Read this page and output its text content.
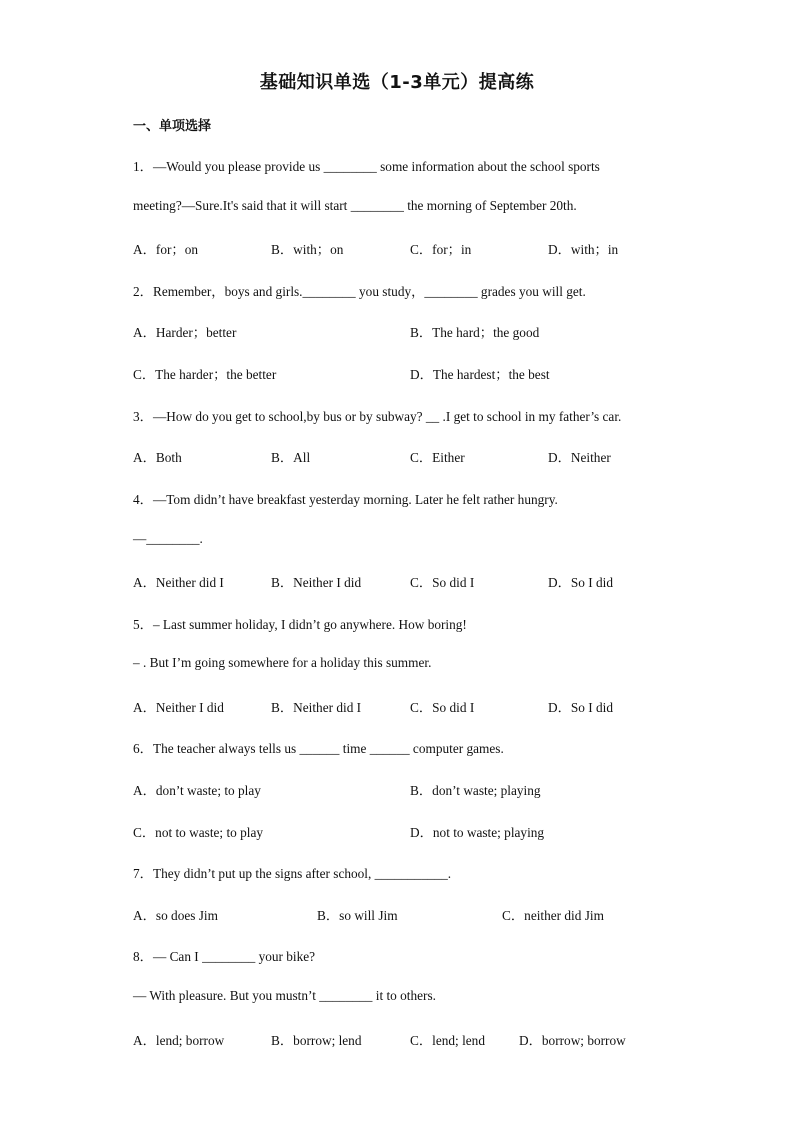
基础知识单选（1-3单元）提高练
一、单项选择
1．—Would you please provide us ________ some information about the school sports
meeting?—Sure.It's said that it will start ________ the morning of September 20th.
A．for；on	B．with；on	C．for；in	D．with；in
2．Remember，boys and girls.________ you study，________ grades you will get.
A．Harder；better	B．The hard；the good
C．The harder；the better	D．The hardest；the best
3．—How do you get to school,by bus or by subway? __ .I get to school in my father’s car.
A．Both	B．All	C．Either	D．Neither
4．—Tom didn’t have breakfast yesterday morning. Later he felt rather hungry.
—________.
A．Neither did I	B．Neither I did	C．So did I	D．So I did
5．– Last summer holiday, I didn’t go anywhere. How boring!
– . But I’m going somewhere for a holiday this summer.
A．Neither I did	B．Neither did I	C．So did I	D．So I did
6．The teacher always tells us ______ time ______ computer games.
A．don’t waste; to play	B．don’t waste; playing
C．not to waste; to play	D．not to waste; playing
7．They didn’t put up the signs after school, ___________.
A．so does Jim	B．so will Jim	C．neither did Jim
8．— Can I ________ your bike?
— With pleasure. But you mustn’t ________ it to others.
A．lend; borrow	B．borrow; lend	C．lend; lend	D．borrow; borrow
